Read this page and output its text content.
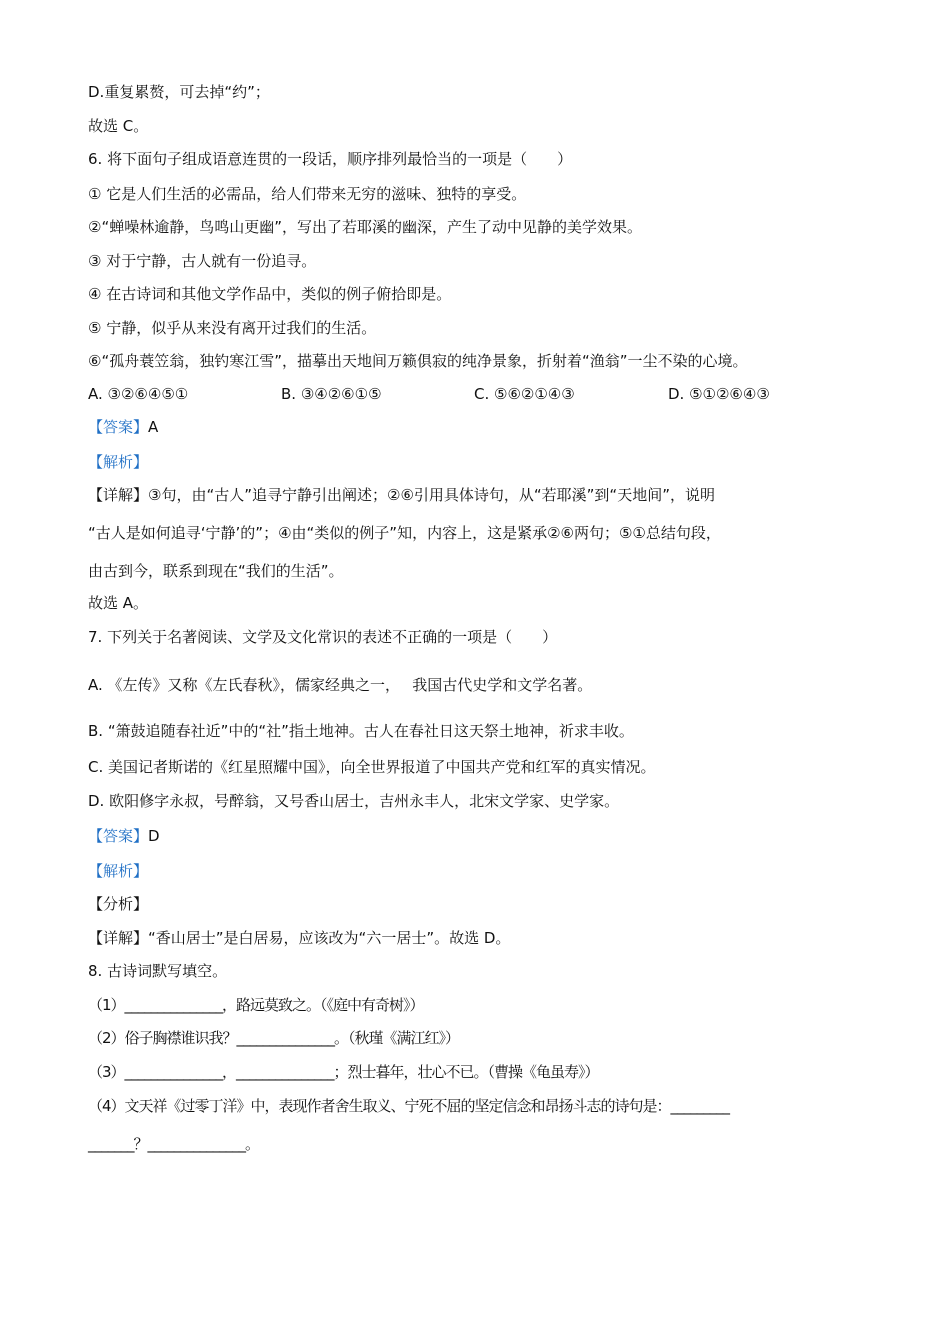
D.重复累赘，可去掉“约”；
故选 C。
6. 将下面句子组成语意连贯的一段话，顺序排列最恰当的一项是（　　）
① 它是人们生活的必需品，给人们带来无穷的滋味、独特的享受。
②“蝉噪林逾静，鸟鸣山更幽”，写出了若耶溪的幽深，产生了动中见静的美学效果。
③ 对于宁静，古人就有一份追寻。
④ 在古诗词和其他文学作品中，类似的例子俯拾即是。
⑤ 宁静，似乎从来没有离开过我们的生活。
⑥“孤舟蓑笠翁，独钓寒江雪”，描摹出天地间万籁俱寂的纯净景象，折射着“渔翁”一尘不染的心境。
A. ③②⑥④⑤①	B. ③④②⑥①⑤	C. ⑤⑥②①④③	D. ⑤①②⑥④③
【答案】A
【解析】
【详解】③句，由“古人”追寻宁静引出阐述；②⑥引用具体诗句，从“若耶溪”到“天地间”，说明
“古人是如何追寻‘宁静’的”；④由“类似的例子”知，内容上，这是紧承②⑥两句；⑤①总结句段，
由古到今，联系到现在“我们的生活”。
故选 A。
7. 下列关于名著阅读、文学及文化常识的表述不正确的一项是（　　）
A. 《左传》又称《左氏春秋》，儒家经典之一，　 我国古代史学和文学名著。
B. “箫鼓追随春社近”中的“社”指土地神。古人在春社日这天祭土地神，祈求丰收。
C. 美国记者斯诺的《红星照耀中国》，向全世界报道了中国共产党和红军的真实情况。
D. 欧阳修字永叔，号醉翁，又号香山居士，吉州永丰人，北宋文学家、史学家。
【答案】D
【解析】
【分析】
【详解】“香山居士”是白居易，应该改为“六一居士”。故选 D。
8. 古诗词默写填空。
（1）_______________，路远莫致之。（《庭中有奇树》）
（2）俗子胸襟谁识我？_______________。（秋瑾《满江红》）
（3）_______________，_______________；烈士暮年，壮心不已。（曹操《龟虽寿》）
（4）文天祥《过零丁洋》中，表现作者舍生取义、宁死不屈的坚定信念和昂扬斗志的诗句是：_________
_______？_______________。
